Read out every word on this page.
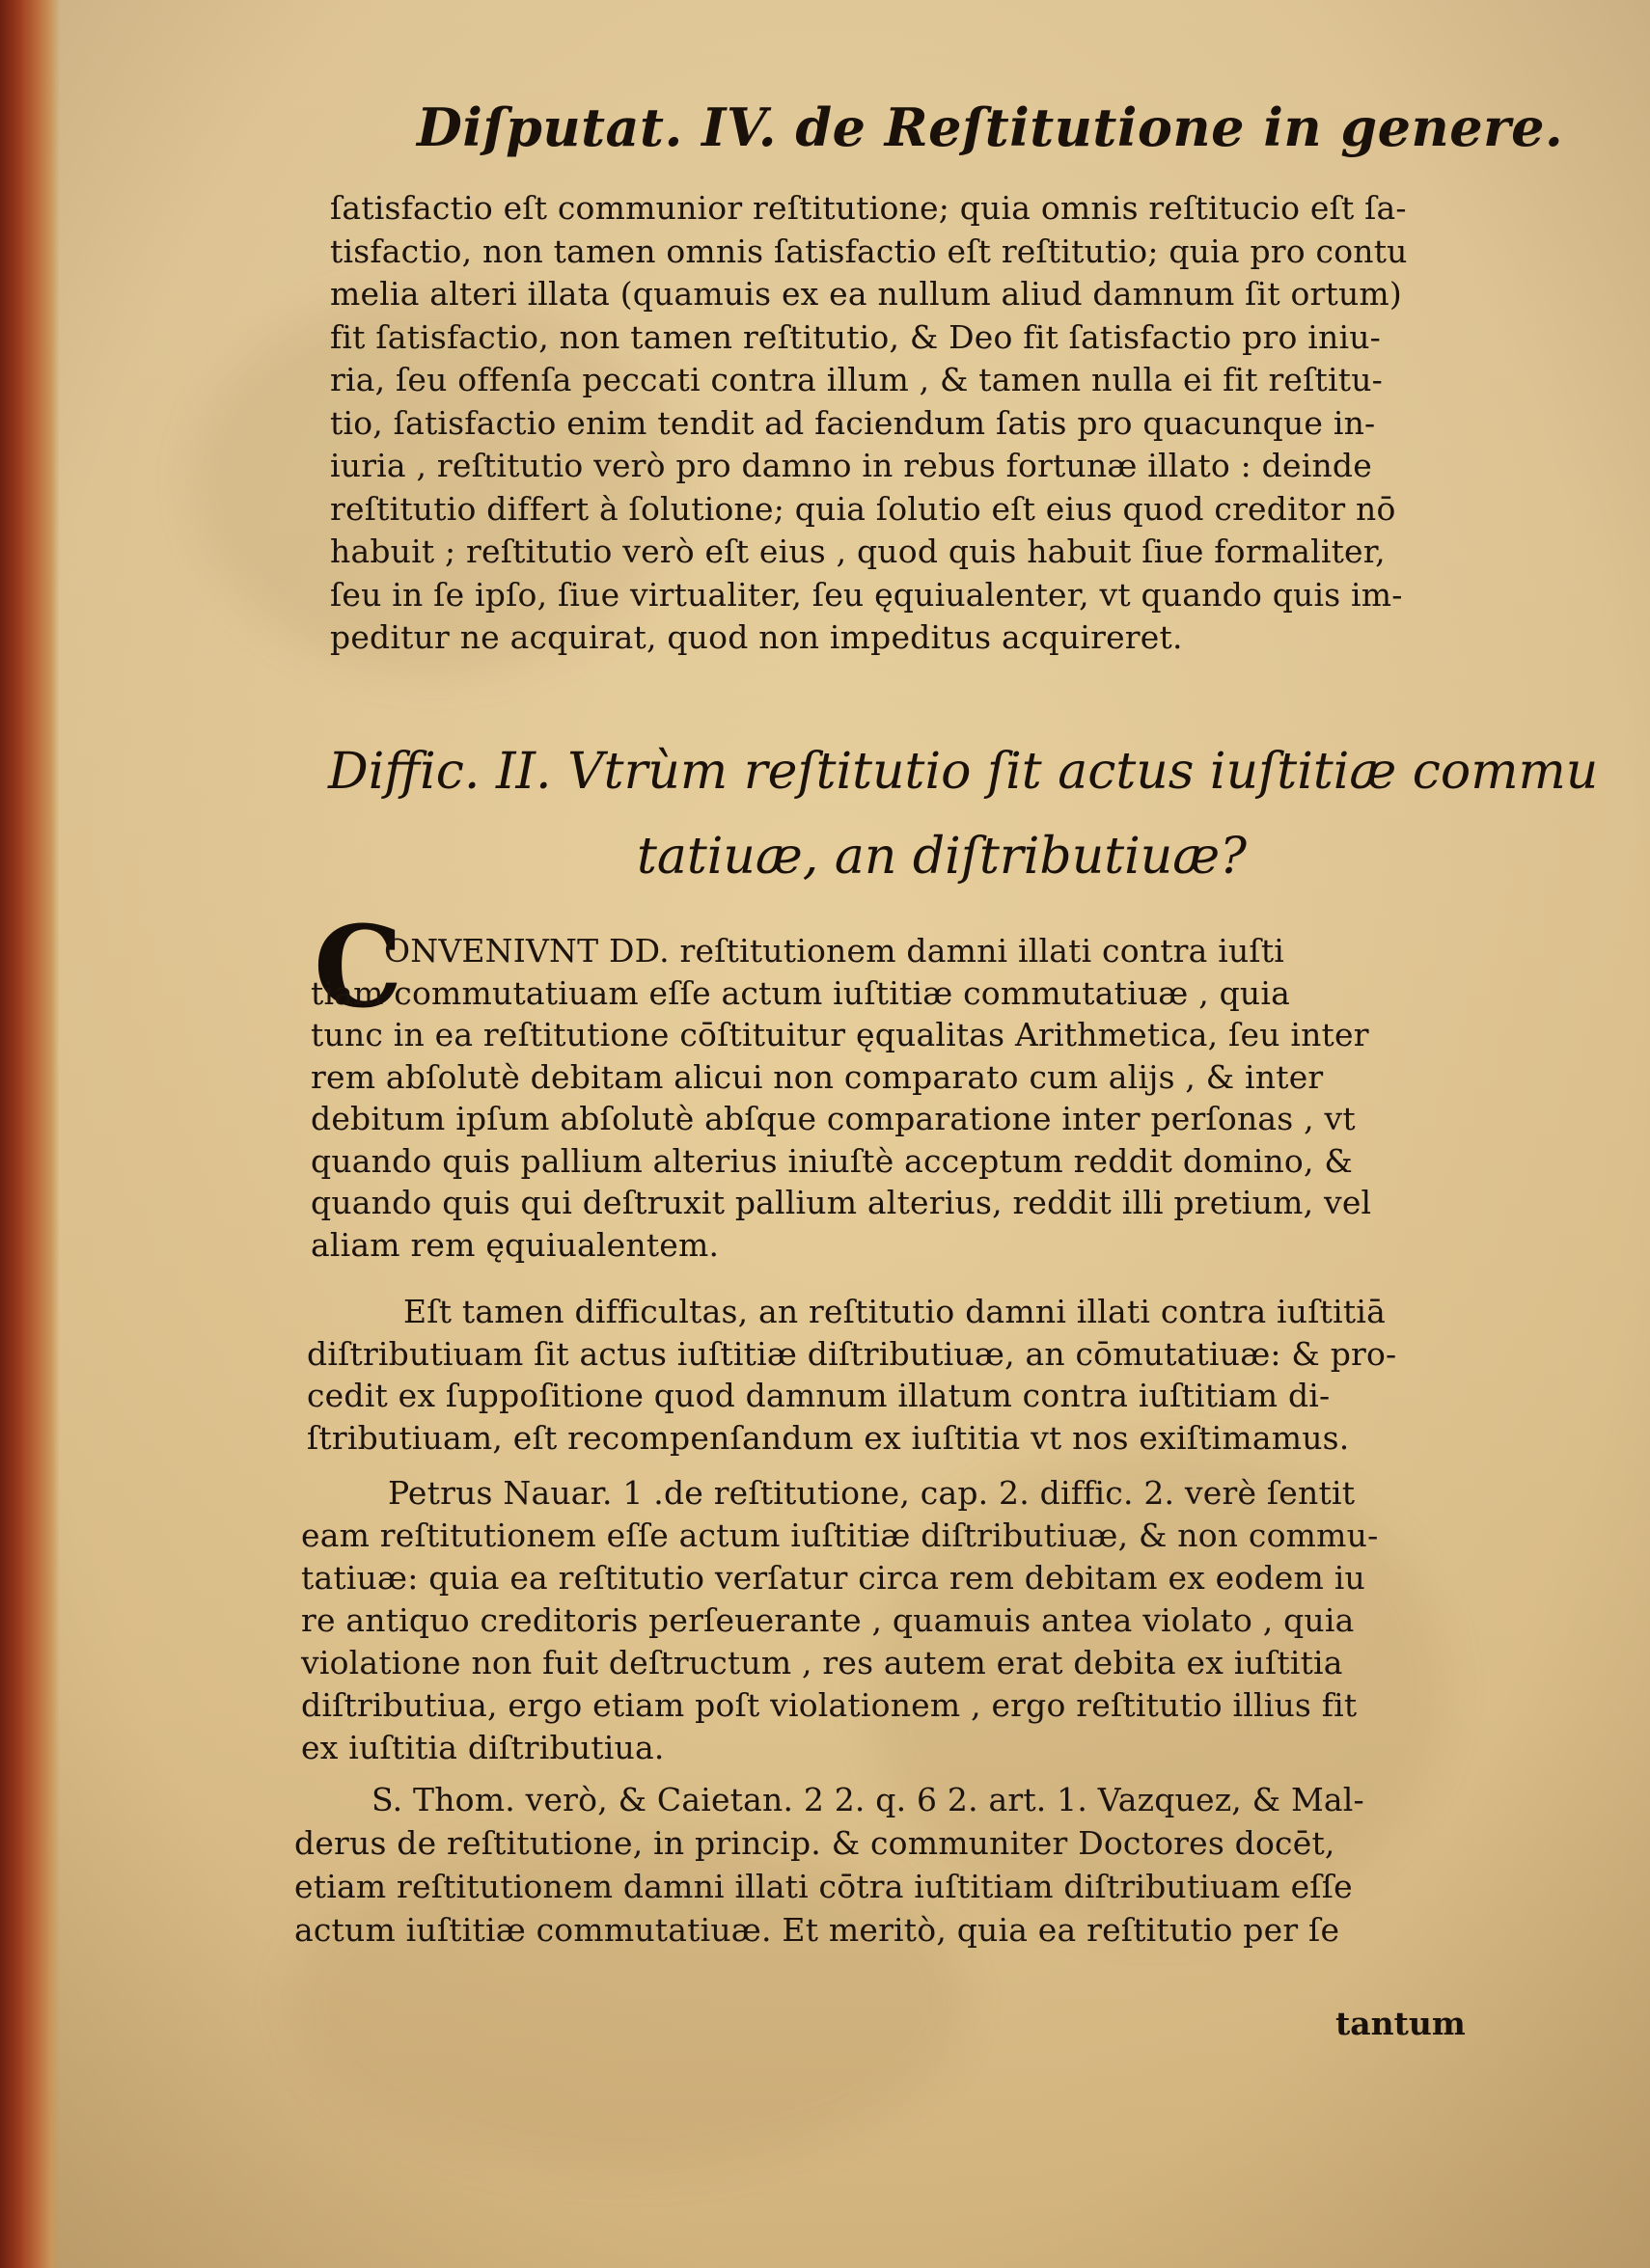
Diſputat. IV. de Reſtitutione in genere.
ſatisfactio eſt communior reſtitutione; quia omnis reſtitucio eſt ſa-
tisfactio, non tamen omnis ſatisfactio eſt reſtitutio; quia pro contu
melia alteri illata (quamuis ex ea nullum aliud damnum ſit ortum)
fit ſatisfactio, non tamen reſtitutio, & Deo fit ſatisfactio pro iniu-
ria, ſeu offenſa peccati contra illum , & tamen nulla ei fit reſtitu-
tio, ſatisfactio enim tendit ad faciendum ſatis pro quacunque in-
iuria , reſtitutio verò pro damno in rebus fortunæ illato : deinde
reſtitutio differt à ſolutione; quia ſolutio eſt eius quod creditor nō
habuit ; reſtitutio verò eſt eius , quod quis habuit ſiue formaliter,
ſeu in ſe ipſo, ſiue virtualiter, ſeu ęquiualenter, vt quando quis im-
peditur ne acquirat, quod non impeditus acquireret.
Diffic. II. Vtrùm reſtitutio ſit actus iuſtitiæ commu
tatiuæ, an diſtributiuæ?
C
ONVENIVNT DD. reſtitutionem damni illati contra iuſti
tiam commutatiuam eſſe actum iuſtitiæ commutatiuæ , quia
tunc in ea reſtitutione cōſtituitur ęqualitas Arithmetica, ſeu inter
rem abſolutè debitam alicui non comparato cum alijs , & inter
debitum ipſum abſolutè abſque comparatione inter perſonas , vt
quando quis pallium alterius iniuſtè acceptum reddit domino, &
quando quis qui deſtruxit pallium alterius, reddit illi pretium, vel
aliam rem ęquiualentem.
Eſt tamen difficultas, an reſtitutio damni illati contra iuſtitiā
diſtributiuam ſit actus iuſtitiæ diſtributiuæ, an cōmutatiuæ: & pro-
cedit ex ſuppoſitione quod damnum illatum contra iuſtitiam di-
ſtributiuam, eſt recompenſandum ex iuſtitia vt nos exiſtimamus.
Petrus Nauar. 1 .de reſtitutione, cap. 2. diffic. 2. verè ſentit
eam reſtitutionem eſſe actum iuſtitiæ diſtributiuæ, & non commu-
tatiuæ: quia ea reſtitutio verſatur circa rem debitam ex eodem iu
re antiquo creditoris perſeuerante , quamuis antea violato , quia
violatione non fuit deſtructum , res autem erat debita ex iuſtitia
diſtributiua, ergo etiam poſt violationem , ergo reſtitutio illius fit
ex iuſtitia diſtributiua.
S. Thom. verò, & Caietan. 2 2. q. 6 2. art. 1. Vazquez, & Mal-
derus de reſtitutione, in princip. & communiter Doctores docēt,
etiam reſtitutionem damni illati cōtra iuſtitiam diſtributiuam eſſe
actum iuſtitiæ commutatiuæ. Et meritò, quia ea reſtitutio per ſe
tantum
